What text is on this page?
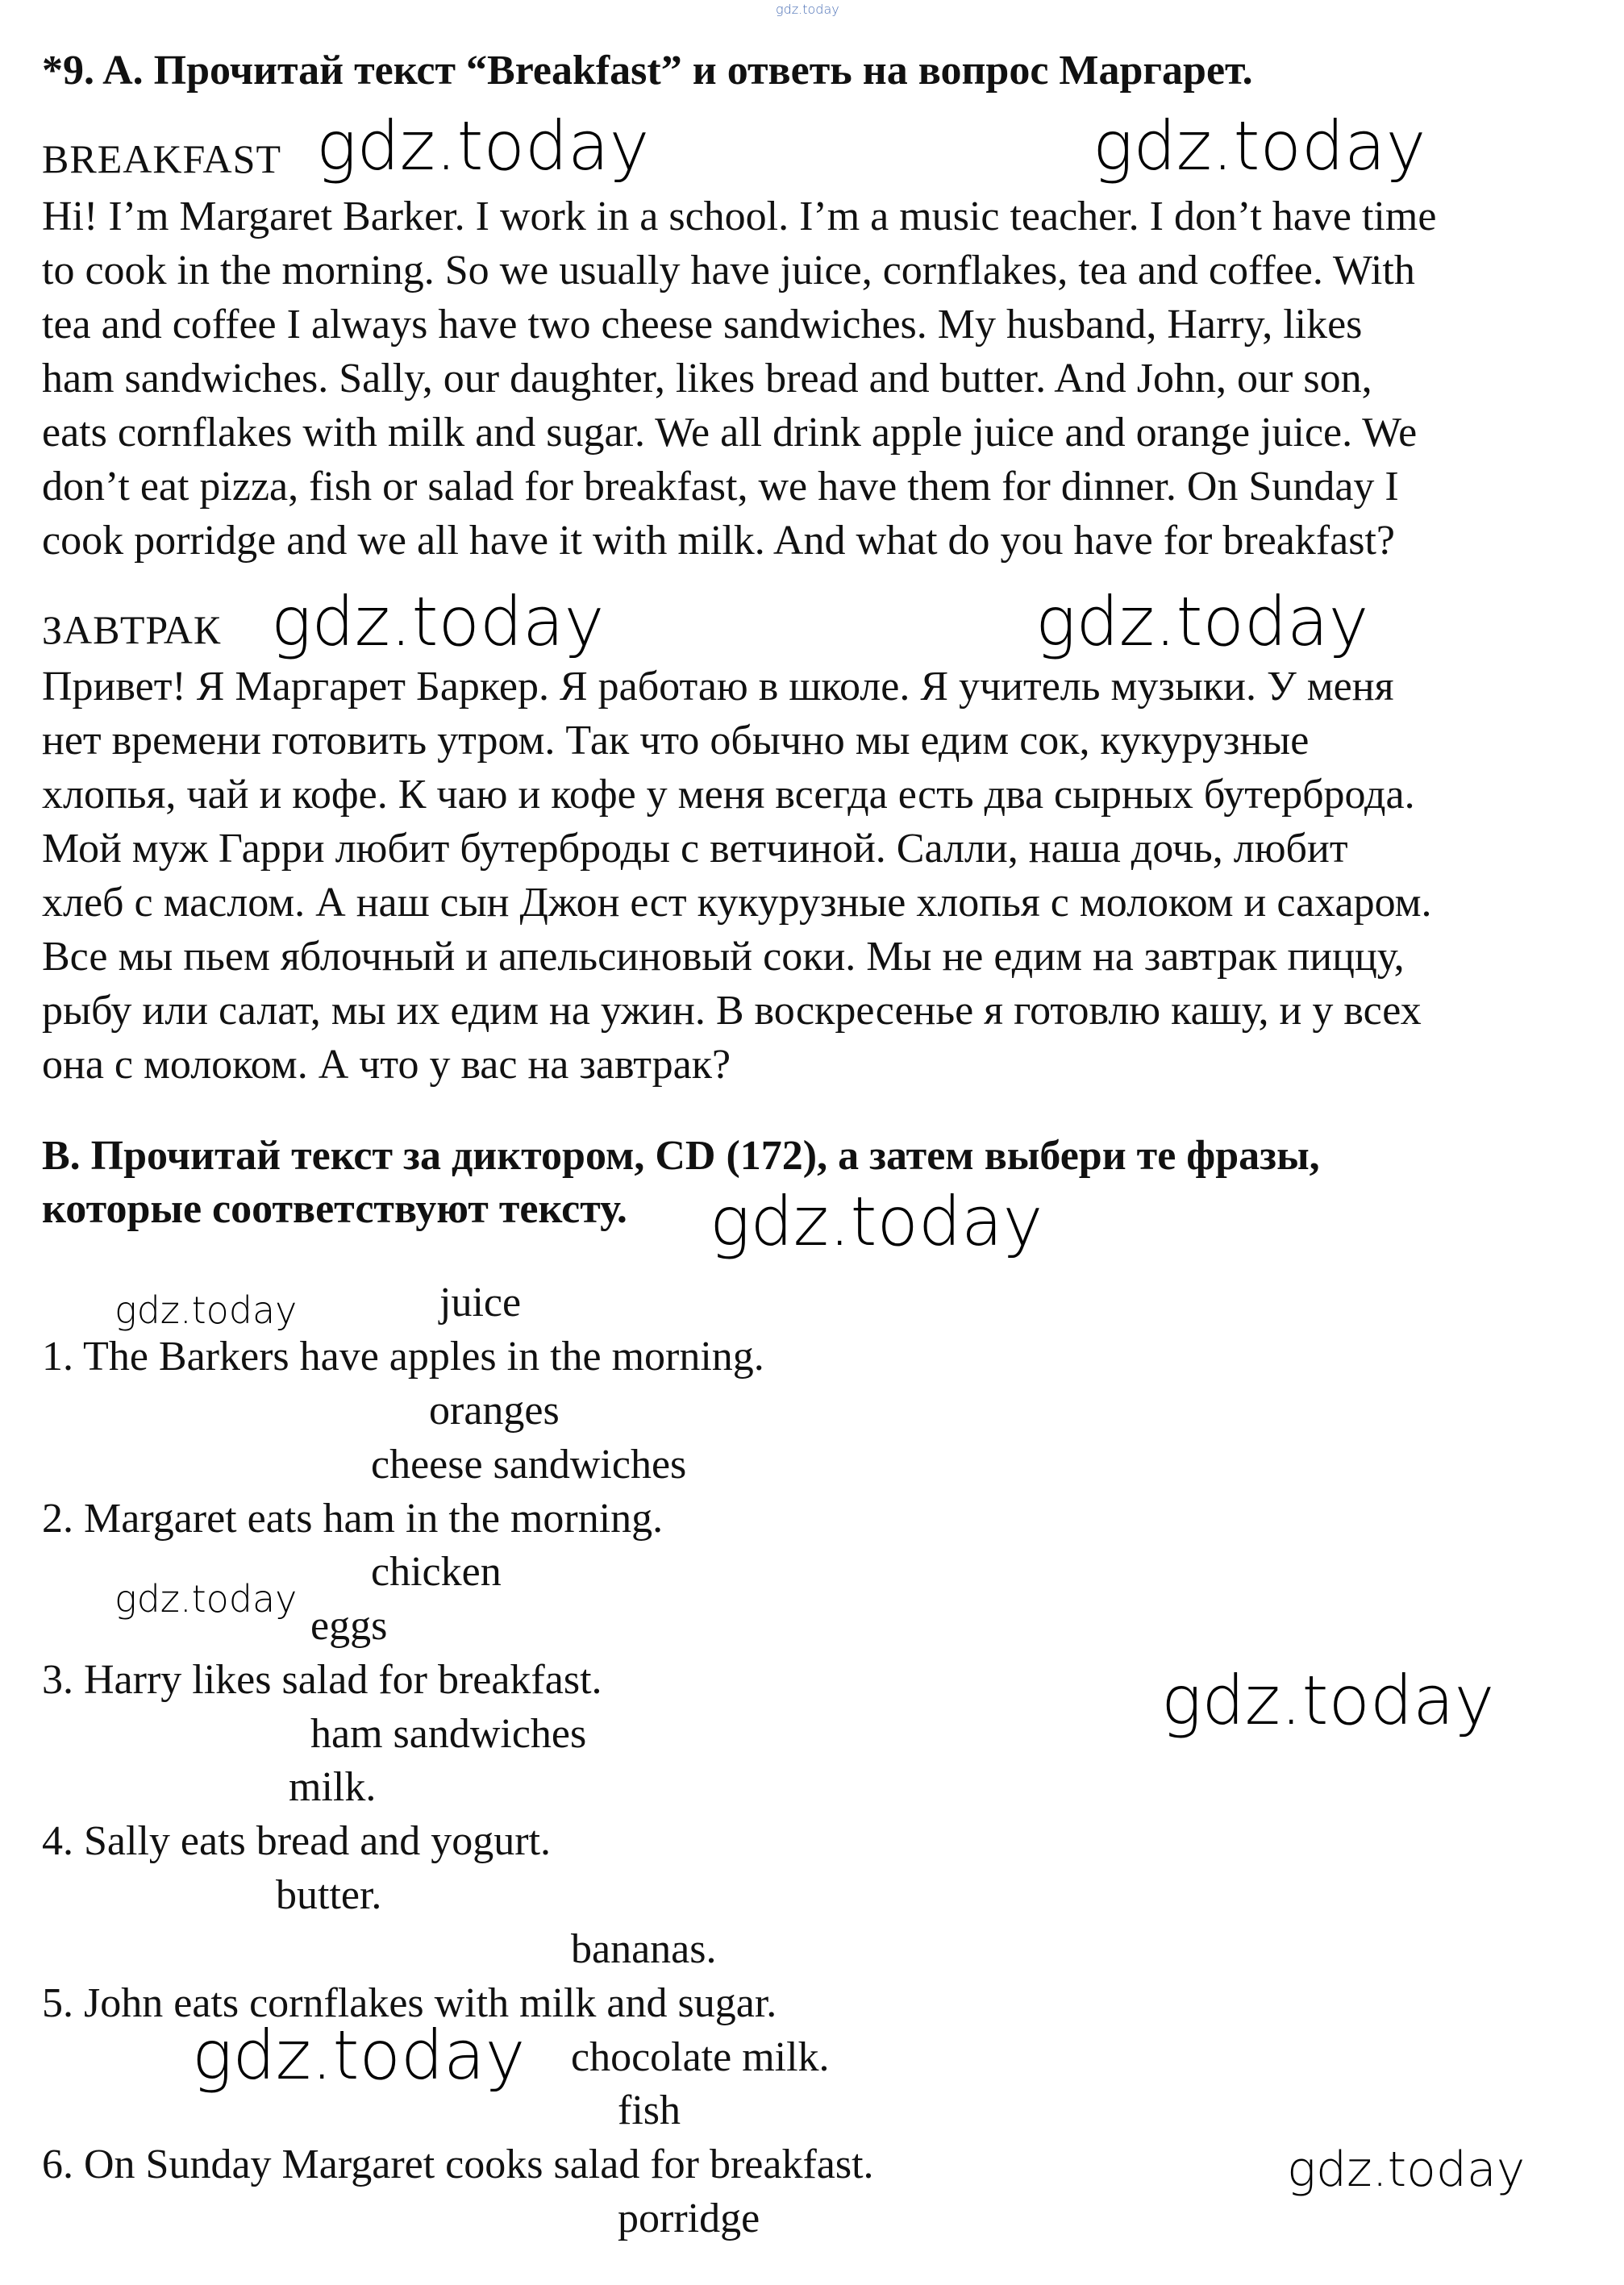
gdz.today
*9. A. Прочитай текст “Breakfast” и ответь на вопрос Маргарет.
BREAKFAST gdz.today	gdz.today

Hi! I’m Margaret Barker. I work in a school. I’m a music teacher. I don’t have time

to cook in the morning. So we usually have juice, cornflakes, tea and coffee. With

tea and coffee I always have two cheese sandwiches. My husband, Harry, likes

ham sandwiches. Sally, our daughter, likes bread and butter. And John, our son,

eats cornflakes with milk and sugar. We all drink apple juice and orange juice. We

don’t eat pizza, fish or salad for breakfast, we have them for dinner. On Sunday I

cook porridge and we all have it with milk. And what do you have for breakfast?

ЗАВТРАК gdz.today	gdz.today

Привет! Я Маргарет Баркер. Я работаю в школе. Я учитель музыки. У меня

нет времени готовить утром. Так что обычно мы едим сок, кукурузные

хлопья, чай и кофе. К чаю и кофе у меня всегда есть два сырных бутерброда.

Мой муж Гарри любит бутерброды с ветчиной. Салли, наша дочь, любит

хлеб с маслом. А наш сын Джон ест кукурузные хлопья с молоком и сахаром.

Все мы пьем яблочный и апельсиновый соки. Мы не едим на завтрак пиццу,

рыбу или салат, мы их едим на ужин. В воскресенье я готовлю кашу, и у всех

она с молоком. А что у вас на завтрак?

B. Прочитай текст за диктором, CD (172), а затем выбери те фразы,
которые соответствуют тексту. gdz.today
gdz.today	juice
1. The Barkers have apples in the morning.
oranges
cheese sandwiches
2. Margaret eats ham in the morning.
chicken
gdz.today
eggs
3. Harry likes salad for breakfast.
ham sandwiches	gdz.today
milk.
4. Sally eats bread and yogurt.
butter.
bananas.
5. John eats cornflakes with milk and sugar.
gdz.today chocolate milk.
fish
6. On Sunday Margaret cooks salad for breakfast.	gdz.today
porridge
